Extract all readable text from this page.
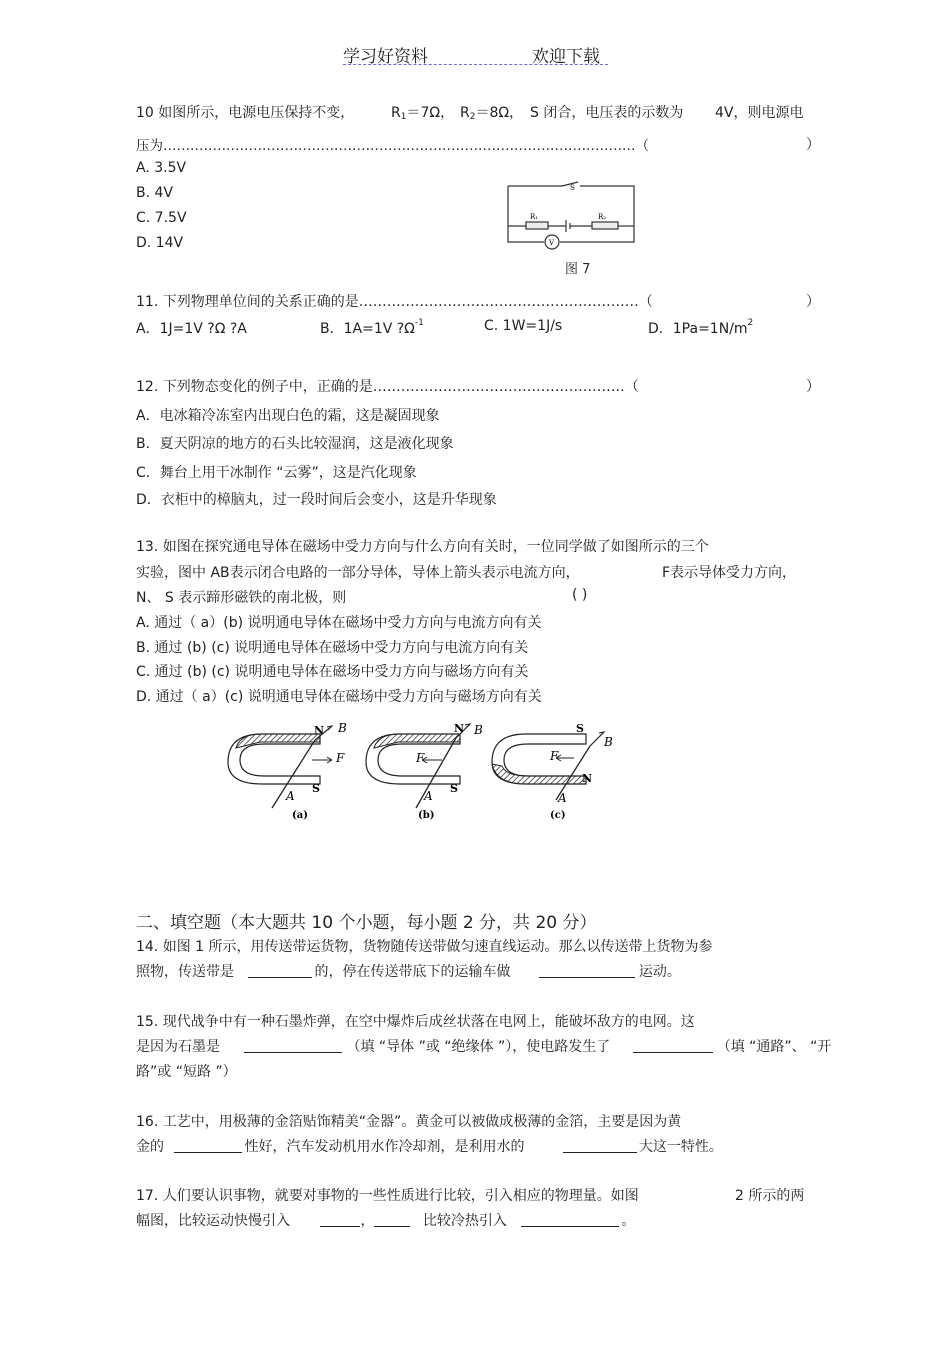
学习好资料	欢迎下载
10 如图所示，电源电压保持不变，	$R_1=7\Omega$， $R_2=8\Omega$， S 闭合，电压表的示数为 4V，则电源电
压为……………………………………………………………………………………………（	）
A. 3.5V
B. 4V
C. 7.5V
D. 14V
S
R₁	R₂
V
图 7
11. 下列物理单位间的关系正确的是……………………………………………………（	）
A．1J=1V ?Ω ?A	B．1A=1V $?\Omega^{-1}$	C. 1W=1J/s	D．$1Pa=1N/m^2$
12. 下列物态变化的例子中，正确的是………………………………………………（	）
A．电冰箱冷冻室内出现白色的霜，这是凝固现象
B．夏天阴凉的地方的石头比较湿润，这是液化现象
C．舞台上用干冰制作 “云雾”，这是汽化现象
D．衣柜中的樟脑丸，过一段时间后会变小，这是升华现象
13. 如图在探究通电导体在磁场中受力方向与什么方向有关时，一位同学做了如图所示的三个
实验，图中 AB表示闭合电路的一部分导体，导体上箭头表示电流方向，	F表示导体受力方向，
N、 S 表示蹄形磁铁的南北极，则	( )
A. 通过（ a）(b) 说明通电导体在磁场中受力方向与电流方向有关
B. 通过 (b) (c) 说明通电导体在磁场中受力方向与电流方向有关
C. 通过 (b) (c) 说明通电导体在磁场中受力方向与磁场方向有关
D. 通过（ a）(c) 说明通电导体在磁场中受力方向与磁场方向有关
N B
F
S
A
(a)
N B
F
S
A
(b)
S
B
F
N
A
(c)
二、填空题（本大题共 10 个小题，每小题 2 分，共 20 分）
14. 如图 1 所示，用传送带运货物，货物随传送带做匀速直线运动。那么以传送带上货物为参
照物，传送带是	的，停在传送带底下的运输车做	运动。
15. 现代战争中有一种石墨炸弹，在空中爆炸后成丝状落在电网上，能破坏敌方的电网。这
是因为石墨是	（填 “导体 ”或 “绝缘体 ”），使电路发生了	（填 “通路”、 “开
路”或 “短路 ”）
16. 工艺中，用极薄的金箔贴饰精美“金器”。黄金可以被做成极薄的金箔，主要是因为黄
金的	性好，汽车发动机用水作冷却剂，是利用水的	大这一特性。
17. 人们要认识事物，就要对事物的一些性质进行比较，引入相应的物理量。如图	2 所示的两
幅图，比较运动快慢引入	，	比较冷热引入	。
